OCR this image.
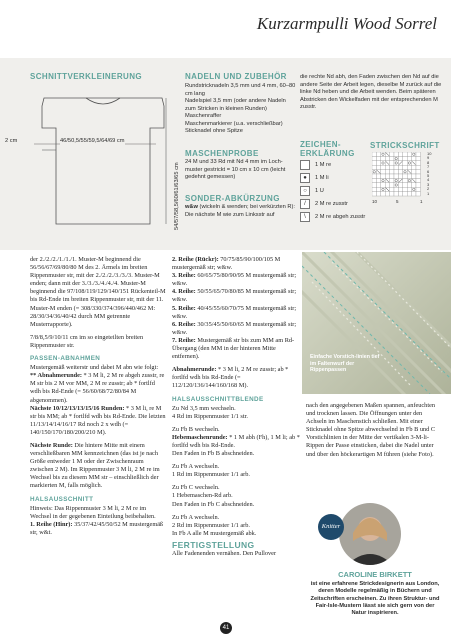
Kurzarmpulli Wood Sorrel
SCHNITTVERKLEINERUNG
2 cm	46/50,5/55/59,5/64/69 cm
54/57/58,5/60/61/63/65 cm
NADELN UND ZUBEHÖR
Rundstricknadeln 3,5 mm und 4 mm, 60–80 cm lang
Nadelspiel 3,5 mm (oder andere Nadeln zum Stricken in kleinen Runden)
Maschenraffer
Maschenmarkierer (u.a. verschließbar)
Sticknadel ohne Spitze
MASCHENPROBE
24 M und 33 Rd mit Nd 4 mm im Loch- muster gestrickt = 10 cm x 10 cm (leicht gedehnt gemessen)
SONDER-ABKÜRZUNG
w&w (wickeln & wenden; bei verkürzten R): Die nächste M wie zum Linksstr auf
die rechte Nd abh, den Faden zwischen den Nd auf die andere Seite der Arbeit legen, dieselbe M zurück auf die linke Nd heben und die Arbeit wenden. Beim späteren Abstricken den Wickelfaden mit der entsprechenden M zusstr.
ZEICHEN-
ERKLÄRUNG
1 M re
●	1 M li
○	1 U
/	2 M re zusstr
\	2 M re abgeh zusstr
STRICKSCHRIFT
10	5	1
10
9
8
7
6
5
4
3
2
1

der 2./2./2./1./1./1. Muster-M beginnend die 56/56/67/69/80/80 M des 2. Ärmels im breiten Rippenmuster str, mit der 2./2./2./3./3./3. Muster-M enden; dann mit der 3./3./3./4./4./4. Muster-M beginnend die 97/108/119/129/140/151 Rückenteil-M bis Rd-Ende im breiten Rippenmuster str, mit der 11. Muster-M enden (= 308/330/374/396/440/462 M: 28/30/34/36/40/42 durch MM getrennte Musterrapporte).

7/8/8,5/9/10/11 cm im so eingeteilten breiten Rippenmuster str.

PASSEN-ABNAHMEN

Mustergemäß weiterstr und dabei M abn wie folgt:

** Abnahmerunde: * 3 M li, 2 M re abgeh zusstr, re M str bis 2 M vor MM, 2 M re zusstr; ab * fortlfd wdh bis Rd-Ende (= 56/60/68/72/80/84 M abgenommen).

Nächste 10/12/13/13/15/16 Runden: * 3 M li, re M str bis MM; ab * fortlfd wdh bis Rd-Ende. Die letzten 11/13/14/14/16/17 Rd noch 2 x wdh (= 140/150/170/180/200/210 M).

Nächste Runde: Die hintere Mitte mit einem verschließbaren MM kennzeichnen (das ist je nach Größe entweder 1 M oder der Zwischenraum zwischen 2 M). Im Rippenmuster 3 M li, 2 M re im Wechsel bis zu diesem MM str – einschließlich der markierten M, falls möglich.

HALSAUSSCHNITT

Hinweis: Das Rippenmuster 3 M li, 2 M re im Wechsel in der gegebenen Einteilung beibehalten.

1. Reihe (Hinr): 35/37/42/45/50/52 M mustergemäß str, w&t.

2. Reihe (Rückr): 70/75/85/90/100/105 M mustergemäß str; w&w.

3. Reihe: 60/65/75/80/90/95 M mustergemäß str; w&w.

4. Reihe: 50/55/65/70/80/85 M mustergemäß str; w&w.

5. Reihe: 40/45/55/60/70/75 M mustergemäß str; w&w.

6. Reihe: 30/35/45/50/60/65 M mustergemäß str; w&w.

7. Reihe: Mustergemäß str bis zum MM am Rd-Übergang (den MM in der hinteren Mitte entfernen).

Abnahmerunde: * 3 M li, 2 M re zusstr; ab * fortlfd wdh bis Rd-Ende (= 112/120/136/144/160/168 M).

HALSAUSSCHNITTBLENDE

Zu Nd 3,5 mm wechseln.

4 Rd im Rippenmuster 1/1 str.

Zu Fb B wechseln.

Hebemaschenrunde: * 1 M abh (Fh), 1 M li; ab * fortlfd wdh bis Rd-Ende.

Den Faden in Fb B abschneiden.

Zu Fb A wechseln.

1 Rd im Rippenmuster 1/1 arb.

Zu Fb C wechseln.

1 Hebemaschen-Rd arb.

Den Faden in Fb C abschneiden.

Zu Fb A wechseln.

2 Rd im Rippenmuster 1/1 arb.

In Fb A alle M mustergemäß abk.

FERTIGSTELLUNG

Alle Fadenenden vernähen. Den Pullover

Einfache Vorstich-linien tief im Faltenwurf der Rippenpassen
nach den angegebenen Maßen spannen, anfeuchten und trocknen lassen. Die Öffnungen unter den Achseln im Maschenstich schließen. Mit einer Sticknadel ohne Spitze abwechselnd in Fb B und C Vorstichlinien in der Mitte der vertikalen 3-M-li-Rippen der Passe einsticken, dabei die Nadel unter und über den höckerartigen M führen (siehe Foto).
Knitter
CAROLINE BIRKETT
ist eine erfahrene Strickdesignerin aus London, deren Modelle regelmäßig in Büchern und Zeitschriften erscheinen. Zu ihren Struktur- und Fair-Isle-Mustern lässt sie sich gern von der Natur inspirieren.
41
